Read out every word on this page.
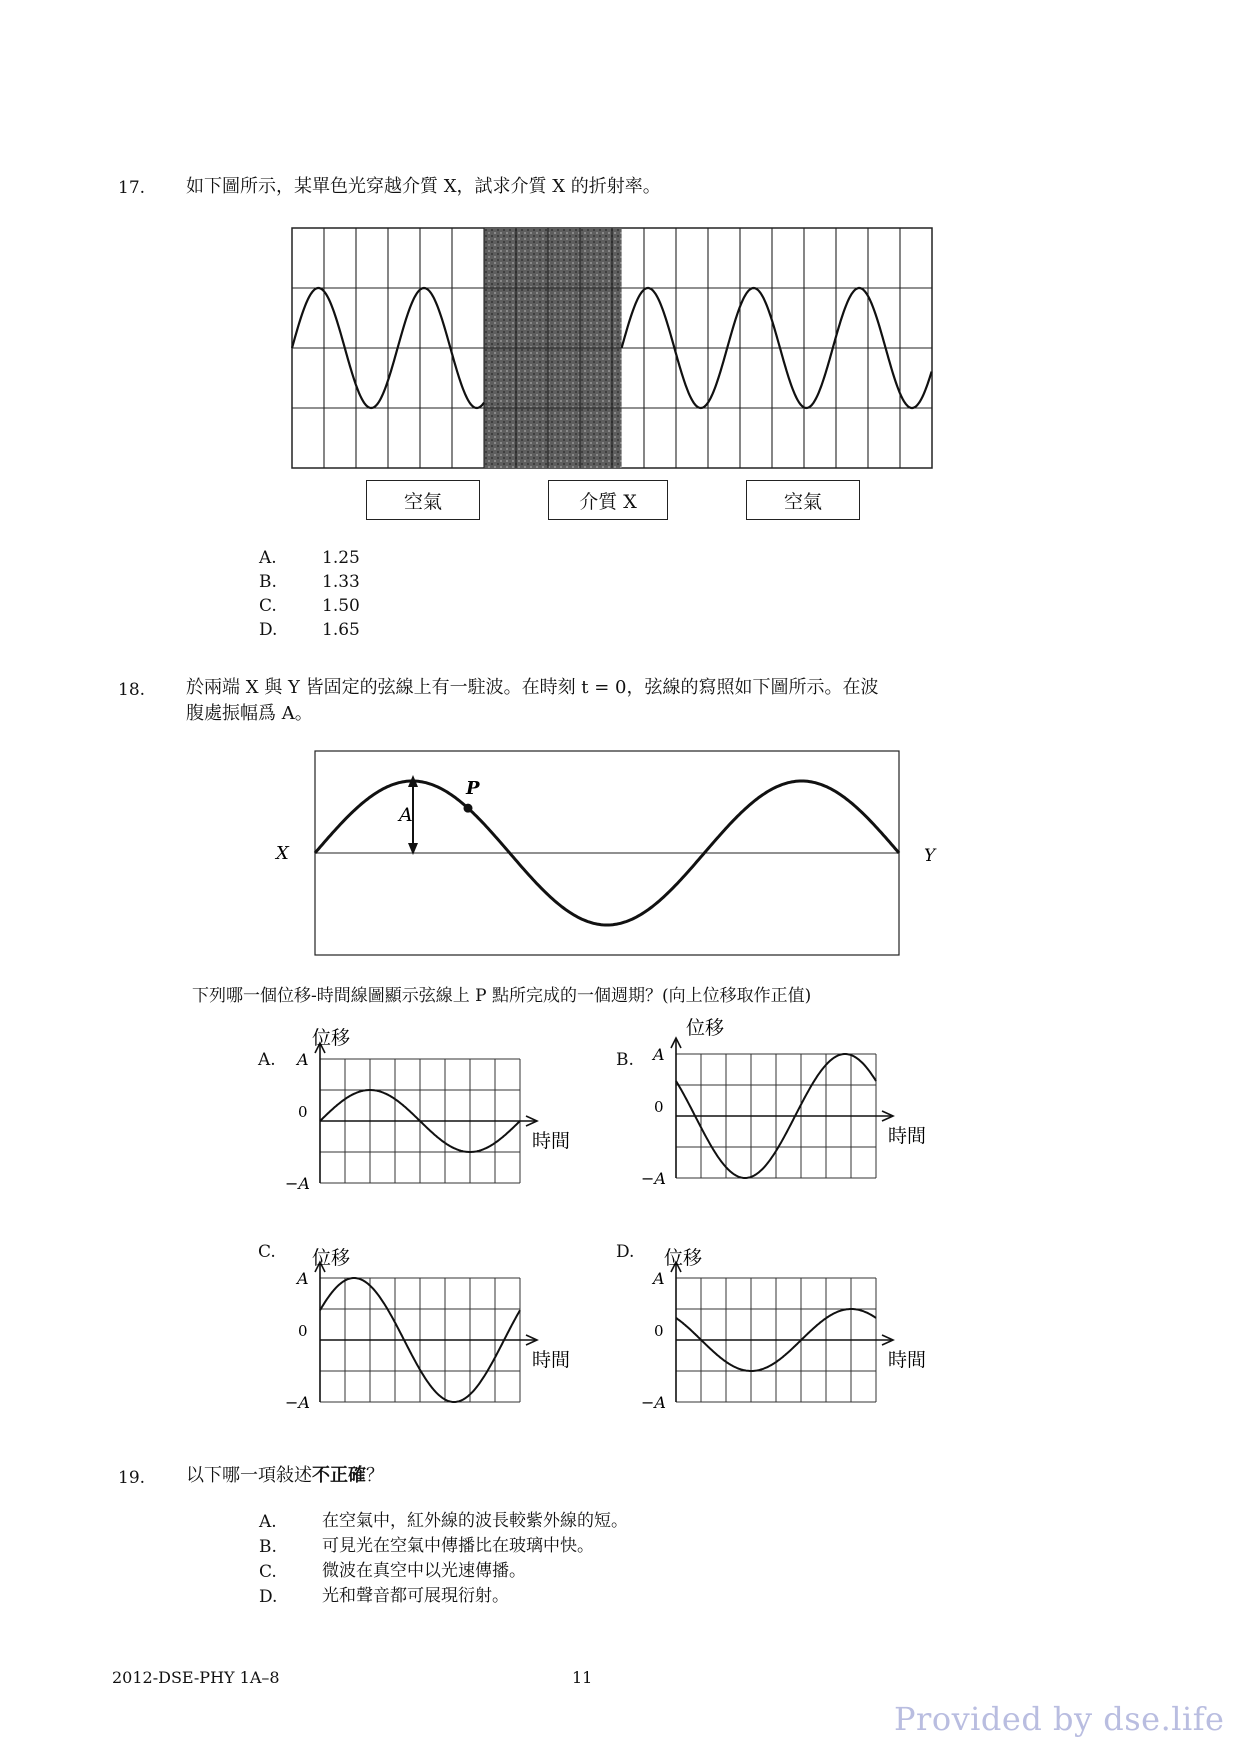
17. 如下圖所示，某單色光穿越介質 X，試求介質 X 的折射率。
空氣	介質 X	空氣
A.	1.25
B.	1.33
C.	1.50
D.	1.65
18. 於兩端 X 與 Y 皆固定的弦線上有一駐波。在時刻 t = 0，弦線的寫照如下圖所示。在波
腹處振幅爲 A。
A
P
X	Y
下列哪一個位移-時間線圖顯示弦線上 P 點所完成的一個週期？(向上位移取作正值)
A.	B.
C.	D.
A
0
−A
位移
時間
A
0
−A
位移
時間
A
0
−A
位移
時間
A
0
−A
位移
時間
19. 以下哪一項敍述不正確？
A.	在空氣中，紅外線的波長較紫外線的短。
B.	可見光在空氣中傳播比在玻璃中快。
C.	微波在真空中以光速傳播。
D.	光和聲音都可展現衍射。
2012-DSE-PHY 1A–8	11
Provided by dse.life
